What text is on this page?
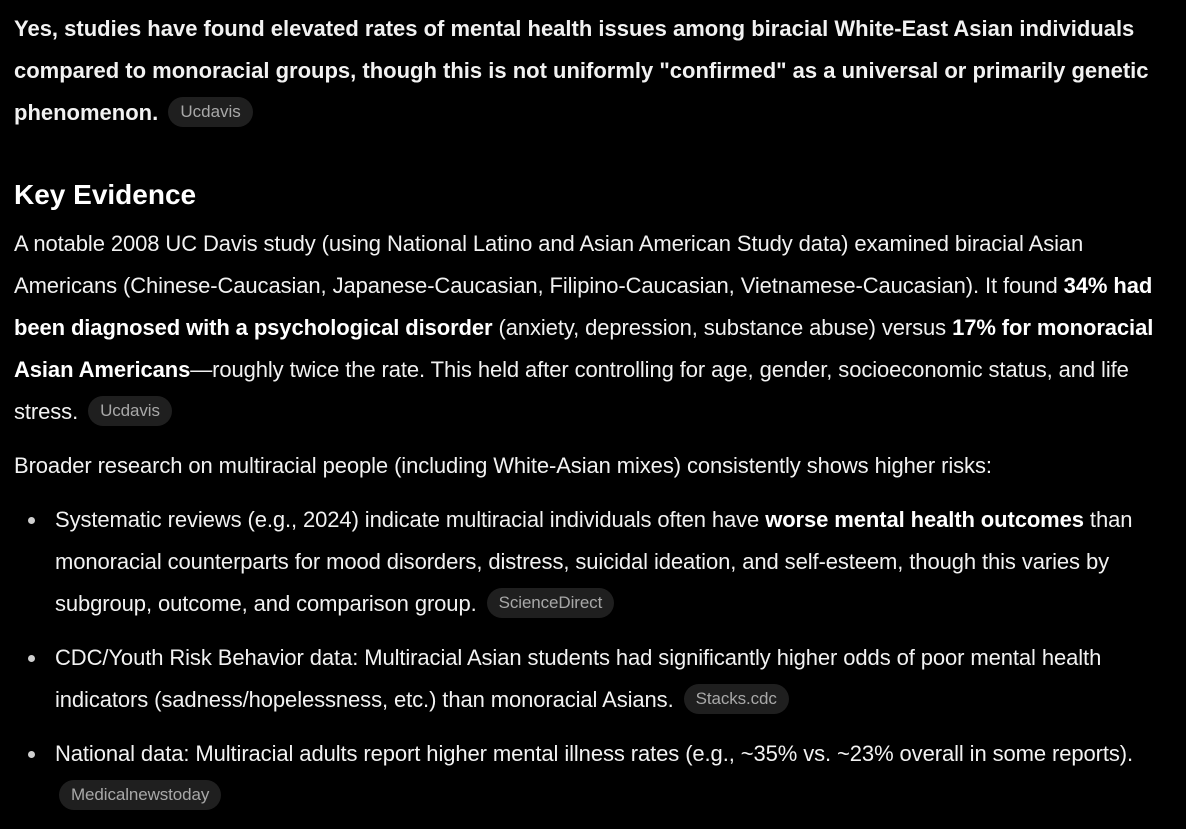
Yes, studies have found elevated rates of mental health issues among biracial White-East Asian individuals compared to monoracial groups, though this is not uniformly "confirmed" as a universal or primarily genetic phenomenon. Ucdavis

Key Evidence

A notable 2008 UC Davis study (using National Latino and Asian American Study data) examined biracial Asian Americans (Chinese-Caucasian, Japanese-Caucasian, Filipino-Caucasian, Vietnamese-Caucasian). It found 34% had been diagnosed with a psychological disorder (anxiety, depression, substance abuse) versus 17% for monoracial Asian Americans—roughly twice the rate. This held after controlling for age, gender, socioeconomic status, and life stress. Ucdavis

Broader research on multiracial people (including White-Asian mixes) consistently shows higher risks:

Systematic reviews (e.g., 2024) indicate multiracial individuals often have worse mental health outcomes than monoracial counterparts for mood disorders, distress, suicidal ideation, and self-esteem, though this varies by subgroup, outcome, and comparison group. ScienceDirect
CDC/Youth Risk Behavior data: Multiracial Asian students had significantly higher odds of poor mental health indicators (sadness/hopelessness, etc.) than monoracial Asians. Stacks.cdc
National data: Multiracial adults report higher mental illness rates (e.g., ~35% vs. ~23% overall in some reports). Medicalnewstoday
